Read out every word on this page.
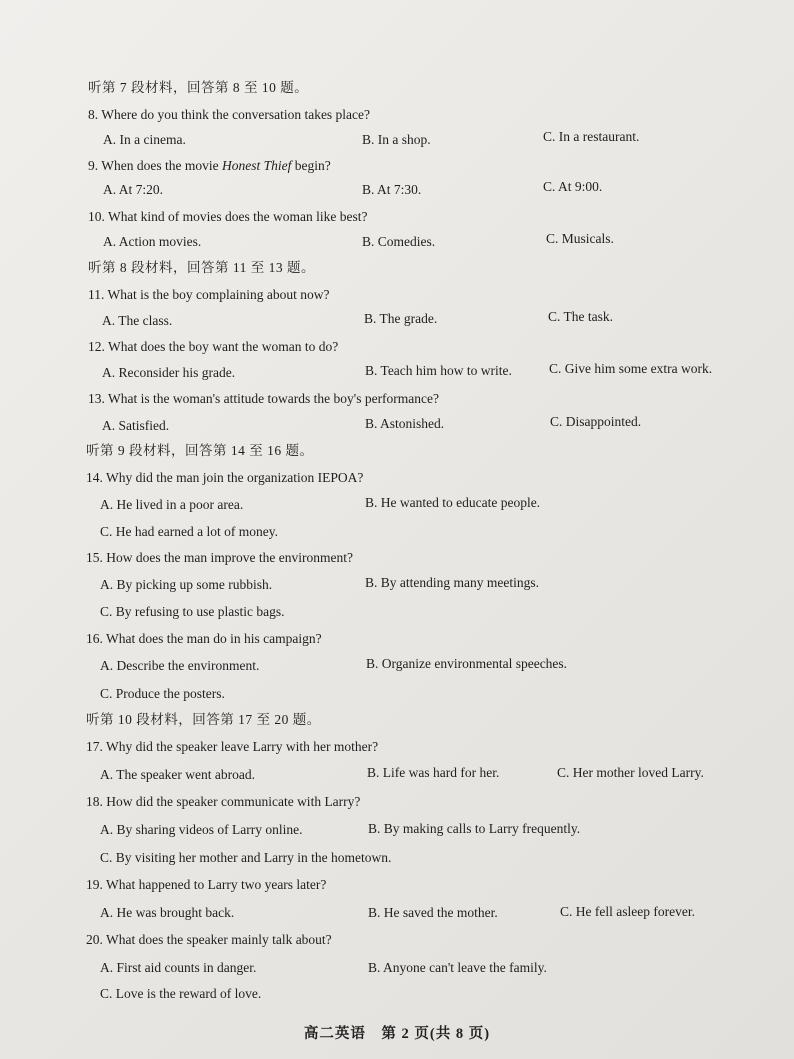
听第 7 段材料，回答第 8 至 10 题。
8. Where do you think the conversation takes place?
A. In a cinema.	B. In a shop.	C. In a restaurant.
9. When does the movie Honest Thief begin?
A. At 7:20.	B. At 7:30.	C. At 9:00.
10. What kind of movies does the woman like best?
A. Action movies.	B. Comedies.	C. Musicals.
听第 8 段材料，回答第 11 至 13 题。
11. What is the boy complaining about now?
A. The class.	B. The grade.	C. The task.
12. What does the boy want the woman to do?
A. Reconsider his grade.	B. Teach him how to write.	C. Give him some extra work.
13. What is the woman's attitude towards the boy's performance?
A. Satisfied.	B. Astonished.	C. Disappointed.
听第 9 段材料，回答第 14 至 16 题。
14. Why did the man join the organization IEPOA?
A. He lived in a poor area.	B. He wanted to educate people.
C. He had earned a lot of money.
15. How does the man improve the environment?
A. By picking up some rubbish.	B. By attending many meetings.
C. By refusing to use plastic bags.
16. What does the man do in his campaign?
A. Describe the environment.	B. Organize environmental speeches.
C. Produce the posters.
听第 10 段材料，回答第 17 至 20 题。
17. Why did the speaker leave Larry with her mother?
A. The speaker went abroad.	B. Life was hard for her.	C. Her mother loved Larry.
18. How did the speaker communicate with Larry?
A. By sharing videos of Larry online.	B. By making calls to Larry frequently.
C. By visiting her mother and Larry in the hometown.
19. What happened to Larry two years later?
A. He was brought back.	B. He saved the mother.	C. He fell asleep forever.
20. What does the speaker mainly talk about?
A. First aid counts in danger.	B. Anyone can't leave the family.
C. Love is the reward of love.
高二英语　第 2 页(共 8 页)
